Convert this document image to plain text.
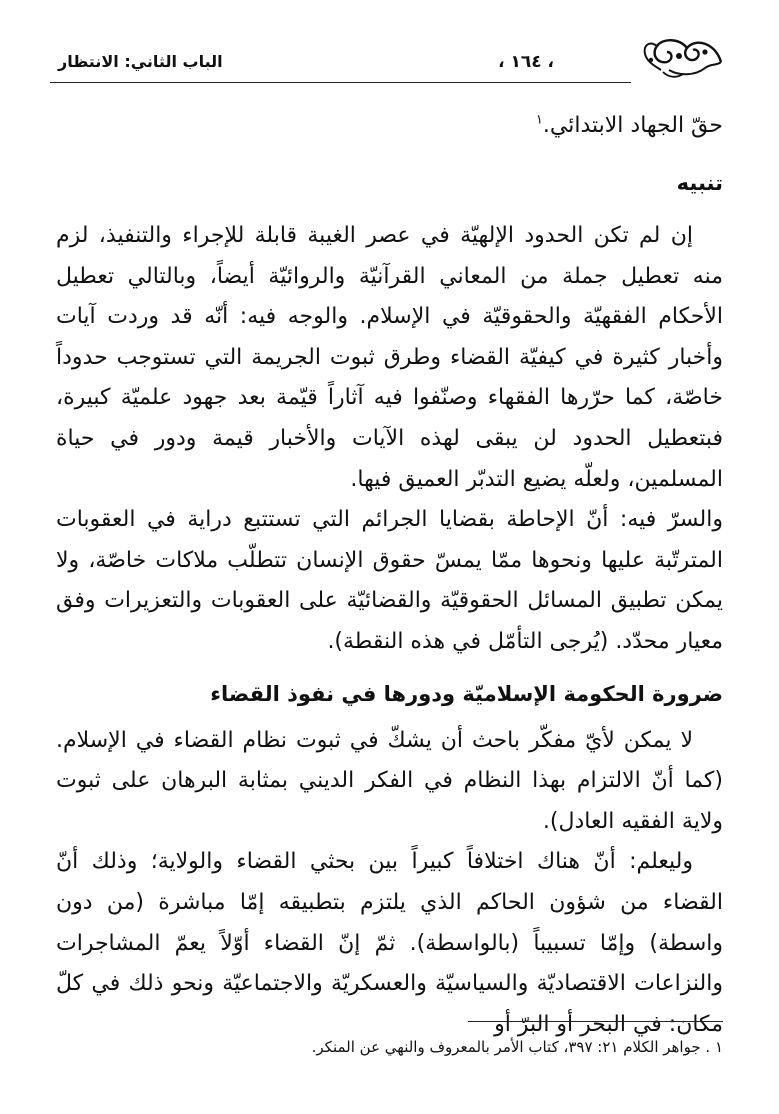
، ١٦٤ ،
الباب الثاني: الانتظار

حقّ الجهاد الابتدائي.$^١$

تنبيه

إن لم تكن الحدود الإلهيّة في عصر الغيبة قابلة للإجراء والتنفيذ، لزم منه تعطيل جملة من المعاني القرآنيّة والروائيّة أيضاً، وبالتالي تعطيل الأحكام الفقهيّة والحقوقيّة في الإسلام. والوجه فيه: أنّه قد وردت آيات وأخبار كثيرة في كيفيّة القضاء وطرق ثبوت الجريمة التي تستوجب حدوداً خاصّة، كما حرّرها الفقهاء وصنّفوا فيه آثاراً قيّمة بعد جهود علميّة كبيرة، فبتعطيل الحدود لن يبقى لهذه الآيات والأخبار قيمة ودور في حياة المسلمين، ولعلّه يضيع التدبّر العميق فيها.

والسرّ فيه: أنّ الإحاطة بقضايا الجرائم التي تستتبع دراية في العقوبات المترتّبة عليها ونحوها ممّا يمسّ حقوق الإنسان تتطلّب ملاكات خاصّة، ولا يمكن تطبيق المسائل الحقوقيّة والقضائيّة على العقوبات والتعزيرات وفق معيار محدّد. (يُرجى التأمّل في هذه النقطة).

ضرورة الحكومة الإسلاميّة ودورها في نفوذ القضاء

لا يمكن لأيّ مفكّر باحث أن يشكّ في ثبوت نظام القضاء في الإسلام. (كما أنّ الالتزام بهذا النظام في الفكر الديني بمثابة البرهان على ثبوت ولاية الفقيه العادل).

وليعلم: أنّ هناك اختلافاً كبيراً بين بحثي القضاء والولاية؛ وذلك أنّ القضاء من شؤون الحاكم الذي يلتزم بتطبيقه إمّا مباشرة (من دون واسطة) وإمّا تسبيباً (بالواسطة). ثمّ إنّ القضاء أوّلاً يعمّ المشاجرات والنزاعات الاقتصاديّة والسياسيّة والعسكريّة والاجتماعيّة ونحو ذلك في كلّ مكان: في البحر أو البرّ أو

١ . جواهر الكلام ٢١: ٣٩٧، كتاب الأمر بالمعروف والنهي عن المنكر.
